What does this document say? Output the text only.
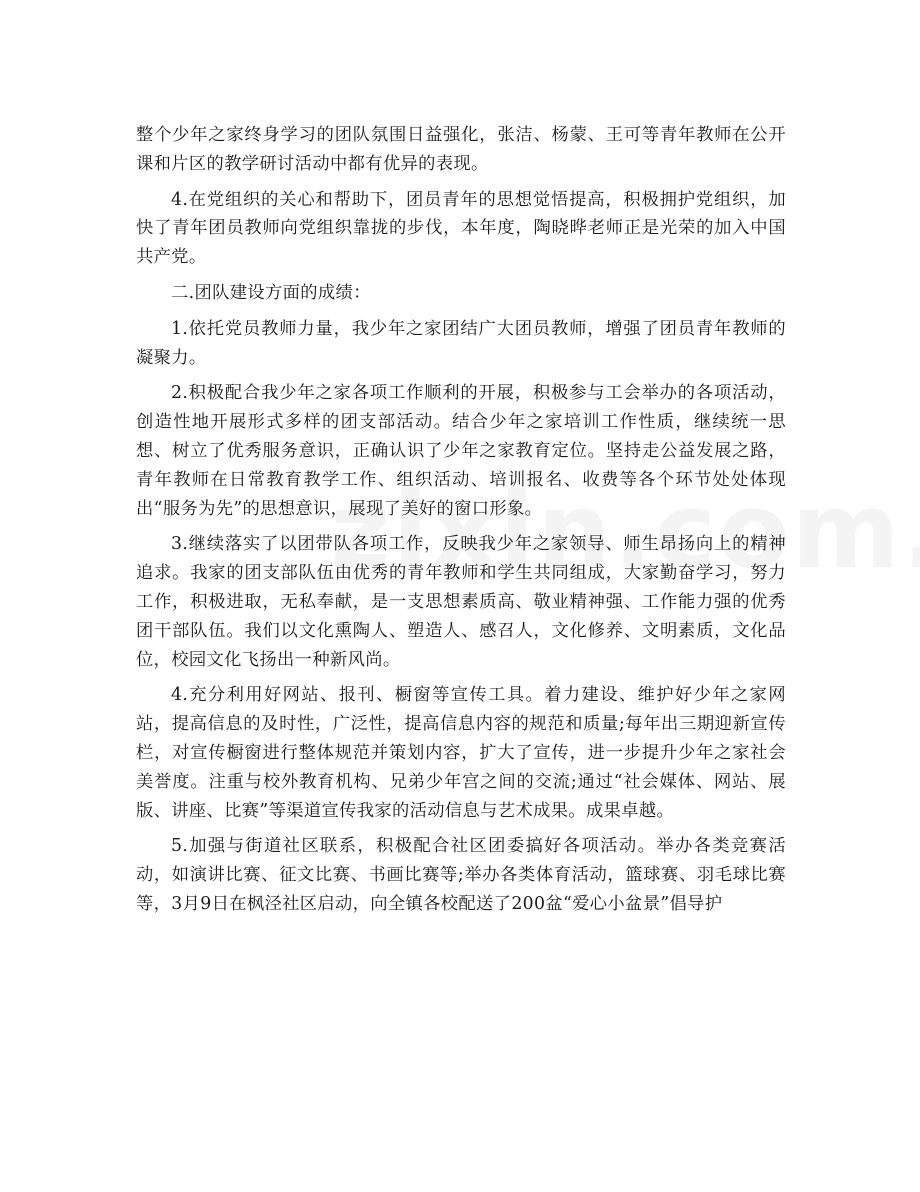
整个少年之家终身学习的团队氛围日益强化，张洁、杨蒙、王可等青年教师在公开课和片区的教学研讨活动中都有优异的表现。

4.在党组织的关心和帮助下，团员青年的思想觉悟提高，积极拥护党组织，加快了青年团员教师向党组织靠拢的步伐，本年度，陶晓晔老师正是光荣的加入中国共产党。

二.团队建设方面的成绩：

1.依托党员教师力量，我少年之家团结广大团员教师，增强了团员青年教师的凝聚力。

2.积极配合我少年之家各项工作顺利的开展，积极参与工会举办的各项活动，创造性地开展形式多样的团支部活动。结合少年之家培训工作性质，继续统一思想、树立了优秀服务意识，正确认识了少年之家教育定位。坚持走公益发展之路，青年教师在日常教育教学工作、组织活动、培训报名、收费等各个环节处处体现出“服务为先”的思想意识，展现了美好的窗口形象。

3.继续落实了以团带队各项工作，反映我少年之家领导、师生昂扬向上的精神追求。我家的团支部队伍由优秀的青年教师和学生共同组成，大家勤奋学习，努力工作，积极进取，无私奉献，是一支思想素质高、敬业精神强、工作能力强的优秀团干部队伍。我们以文化熏陶人、塑造人、感召人，文化修养、文明素质，文化品位，校园文化飞扬出一种新风尚。

4.充分利用好网站、报刊、橱窗等宣传工具。着力建设、维护好少年之家网站，提高信息的及时性，广泛性，提高信息内容的规范和质量;每年出三期迎新宣传栏，对宣传橱窗进行整体规范并策划内容，扩大了宣传，进一步提升少年之家社会美誉度。注重与校外教育机构、兄弟少年宫之间的交流;通过“社会媒体、网站、展版、讲座、比赛”等渠道宣传我家的活动信息与艺术成果。成果卓越。

5.加强与街道社区联系，积极配合社区团委搞好各项活动。举办各类竞赛活动，如演讲比赛、征文比赛、书画比赛等;举办各类体育活动，篮球赛、羽毛球比赛等，3月9日在枫泾社区启动，向全镇各校配送了200盆“爱心小盆景”倡导护
